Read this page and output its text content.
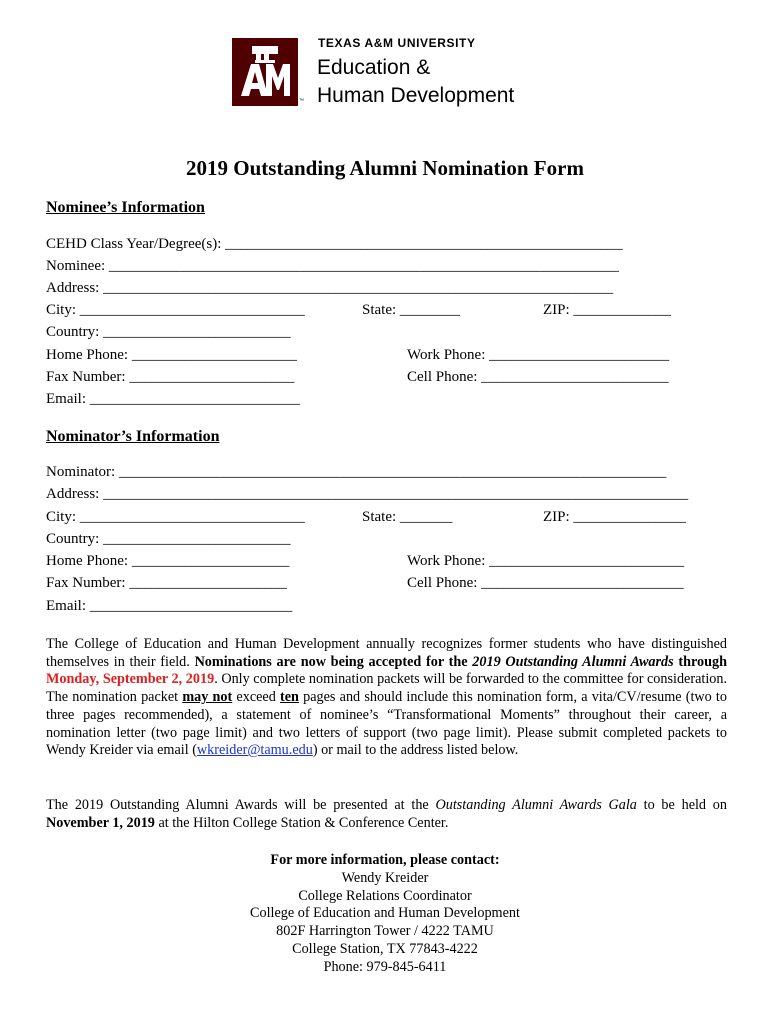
™
TEXAS A&M UNIVERSITY
Education &
Human Development
2019 Outstanding Alumni Nomination Form
Nominee’s Information
CEHD Class Year/Degree(s): _____________________________________________________
Nominee: ____________________________________________________________________
Address: ____________________________________________________________________
City: ______________________________	State: ________	ZIP: _____________
Country: _________________________
Home Phone: ______________________	Work Phone: ________________________
Fax Number: ______________________	Cell Phone: _________________________
Email: ____________________________
Nominator’s Information
Nominator: _________________________________________________________________________
Address: ______________________________________________________________________________
City: ______________________________	State: _______	ZIP: _______________
Country: _________________________
Home Phone: _____________________	Work Phone: __________________________
Fax Number: _____________________	Cell Phone: ___________________________
Email: ___________________________
The College of Education and Human Development annually recognizes former students who have distinguished themselves in their field. Nominations are now being accepted for the 2019 Outstanding Alumni Awards through Monday, September 2, 2019. Only complete nomination packets will be forwarded to the committee for consideration. The nomination packet may not exceed ten pages and should include this nomination form, a vita/CV/resume (two to three pages recommended), a statement of nominee’s “Transformational Moments” throughout their career, a nomination letter (two page limit) and two letters of support (two page limit). Please submit completed packets to Wendy Kreider via email (wkreider@tamu.edu) or mail to the address listed below.
The 2019 Outstanding Alumni Awards will be presented at the Outstanding Alumni Awards Gala to be held on November 1, 2019 at the Hilton College Station & Conference Center.
For more information, please contact:
Wendy Kreider
College Relations Coordinator
College of Education and Human Development
802F Harrington Tower / 4222 TAMU
College Station, TX 77843-4222
Phone: 979-845-6411
